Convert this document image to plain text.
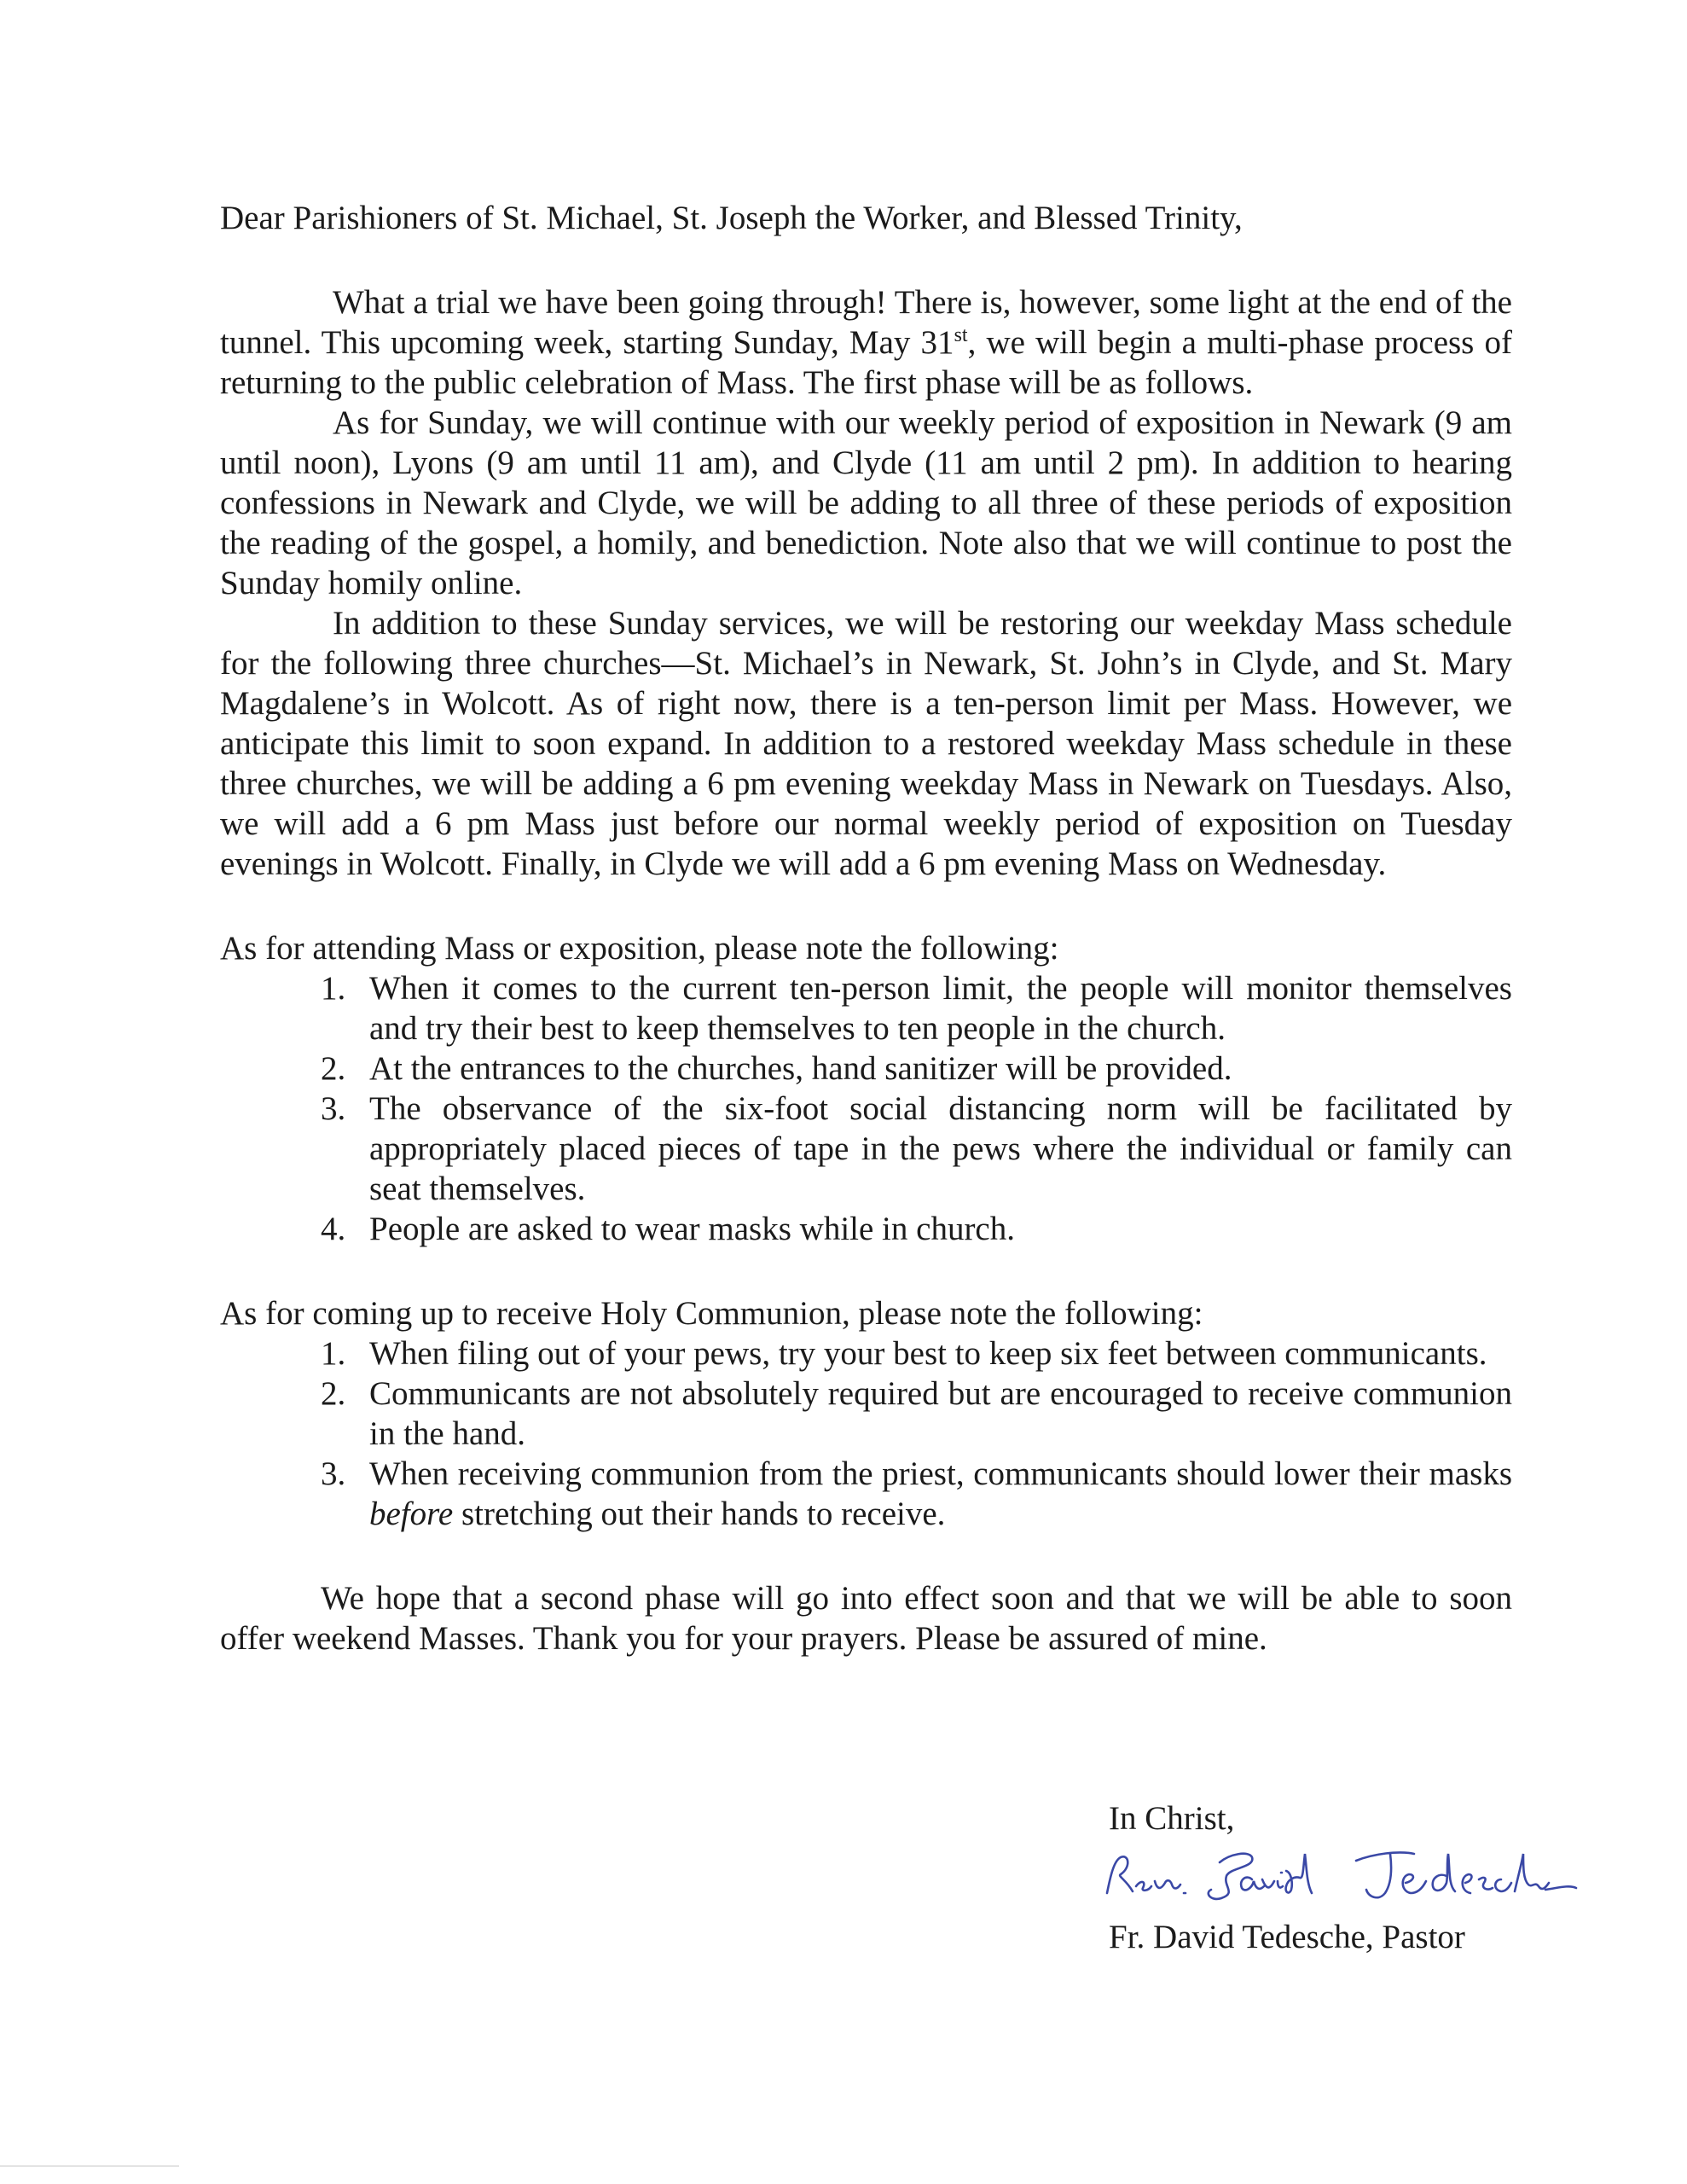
Dear Parishioners of St. Michael, St. Joseph the Worker, and Blessed Trinity,

What a trial we have been going through! There is, however, some light at the end of the tunnel. This upcoming week, starting Sunday, May 31st, we will begin a multi-phase process of returning to the public celebration of Mass. The first phase will be as follows.

As for Sunday, we will continue with our weekly period of exposition in Newark (9 am until noon), Lyons (9 am until 11 am), and Clyde (11 am until 2 pm). In addition to hearing confessions in Newark and Clyde, we will be adding to all three of these periods of exposition the reading of the gospel, a homily, and benediction. Note also that we will continue to post the Sunday homily online.

In addition to these Sunday services, we will be restoring our weekday Mass schedule for the following three churches—St. Michael’s in Newark, St. John’s in Clyde, and St. Mary Magdalene’s in Wolcott. As of right now, there is a ten-person limit per Mass. However, we anticipate this limit to soon expand. In addition to a restored weekday Mass schedule in these three churches, we will be adding a 6 pm evening weekday Mass in Newark on Tuesdays. Also, we will add a 6 pm Mass just before our normal weekly period of exposition on Tuesday evenings in Wolcott. Finally, in Clyde we will add a 6 pm evening Mass on Wednesday.

As for attending Mass or exposition, please note the following:

1. When it comes to the current ten-person limit, the people will monitor themselves and try their best to keep themselves to ten people in the church.
2. At the entrances to the churches, hand sanitizer will be provided.
3. The observance of the six-foot social distancing norm will be facilitated by appropriately placed pieces of tape in the pews where the individual or family can seat themselves.
4. People are asked to wear masks while in church.

As for coming up to receive Holy Communion, please note the following:

1. When filing out of your pews, try your best to keep six feet between communicants.
2. Communicants are not absolutely required but are encouraged to receive communion in the hand.
3. When receiving communion from the priest, communicants should lower their masks before stretching out their hands to receive.

We hope that a second phase will go into effect soon and that we will be able to soon offer weekend Masses. Thank you for your prayers. Please be assured of mine.

In Christ,

Fr. David Tedesche, Pastor
